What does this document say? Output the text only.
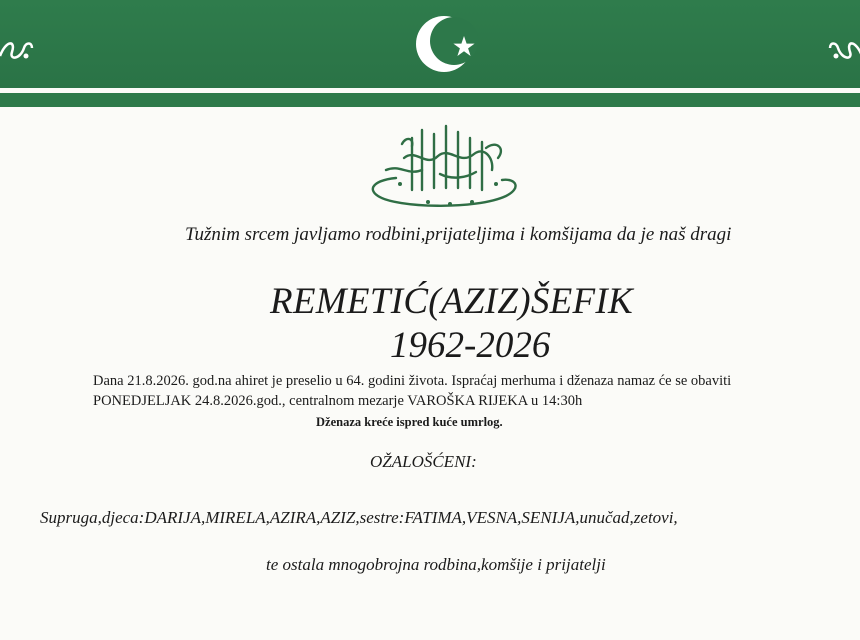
Tužnim srcem javljamo rodbini,prijateljima i komšijama da je naš dragi
REMETIĆ(AZIZ)ŠEFIK
1962-2026
Dana 21.8.2026. god.na ahiret je preselio u 64. godini života. Ispraćaj merhuma i dženaza namaz će se obaviti
PONEDJELJAK 24.8.2026.god., centralnom mezarje VAROŠKA RIJEKA u 14:30h
Dženaza kreće ispred kuće umrlog.
OŽALOŠĆENI:
Supruga,djeca:DARIJA,MIRELA,AZIRA,AZIZ,sestre:FATIMA,VESNA,SENIJA,unučad,zetovi,
te ostala mnogobrojna rodbina,komšije i prijatelji
